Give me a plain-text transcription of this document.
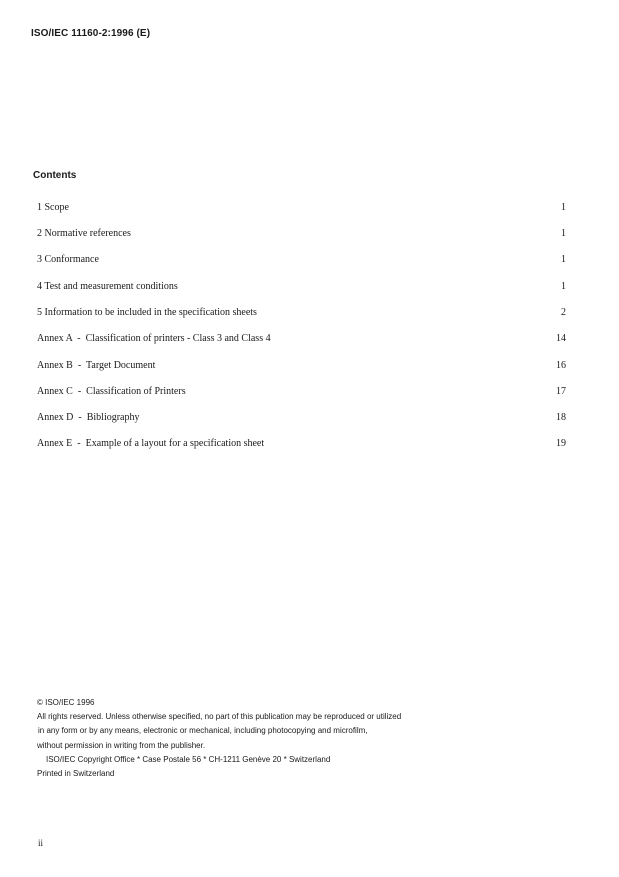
ISO/IEC 11160-2:1996 (E)
Contents
1 Scope	1
2 Normative references	1
3 Conformance	1
4 Test and measurement conditions	1
5 Information to be included in the specification sheets	2
Annex A  -  Classification of printers - Class 3 and Class 4	14
Annex B  -  Target Document	16
Annex C  -  Classification of Printers	17
Annex D  -  Bibliography	18
Annex E  -  Example of a layout for a specification sheet	19
© ISO/IEC 1996
All rights reserved. Unless otherwise specified, no part of this publication may be reproduced or utilized
in any form or by any means, electronic or mechanical, including photocopying and microfilm,
without permission in writing from the publisher.
ISO/IEC Copyright Office * Case Postale 56 * CH-1211 Genève 20 * Switzerland
Printed in Switzerland
ii
